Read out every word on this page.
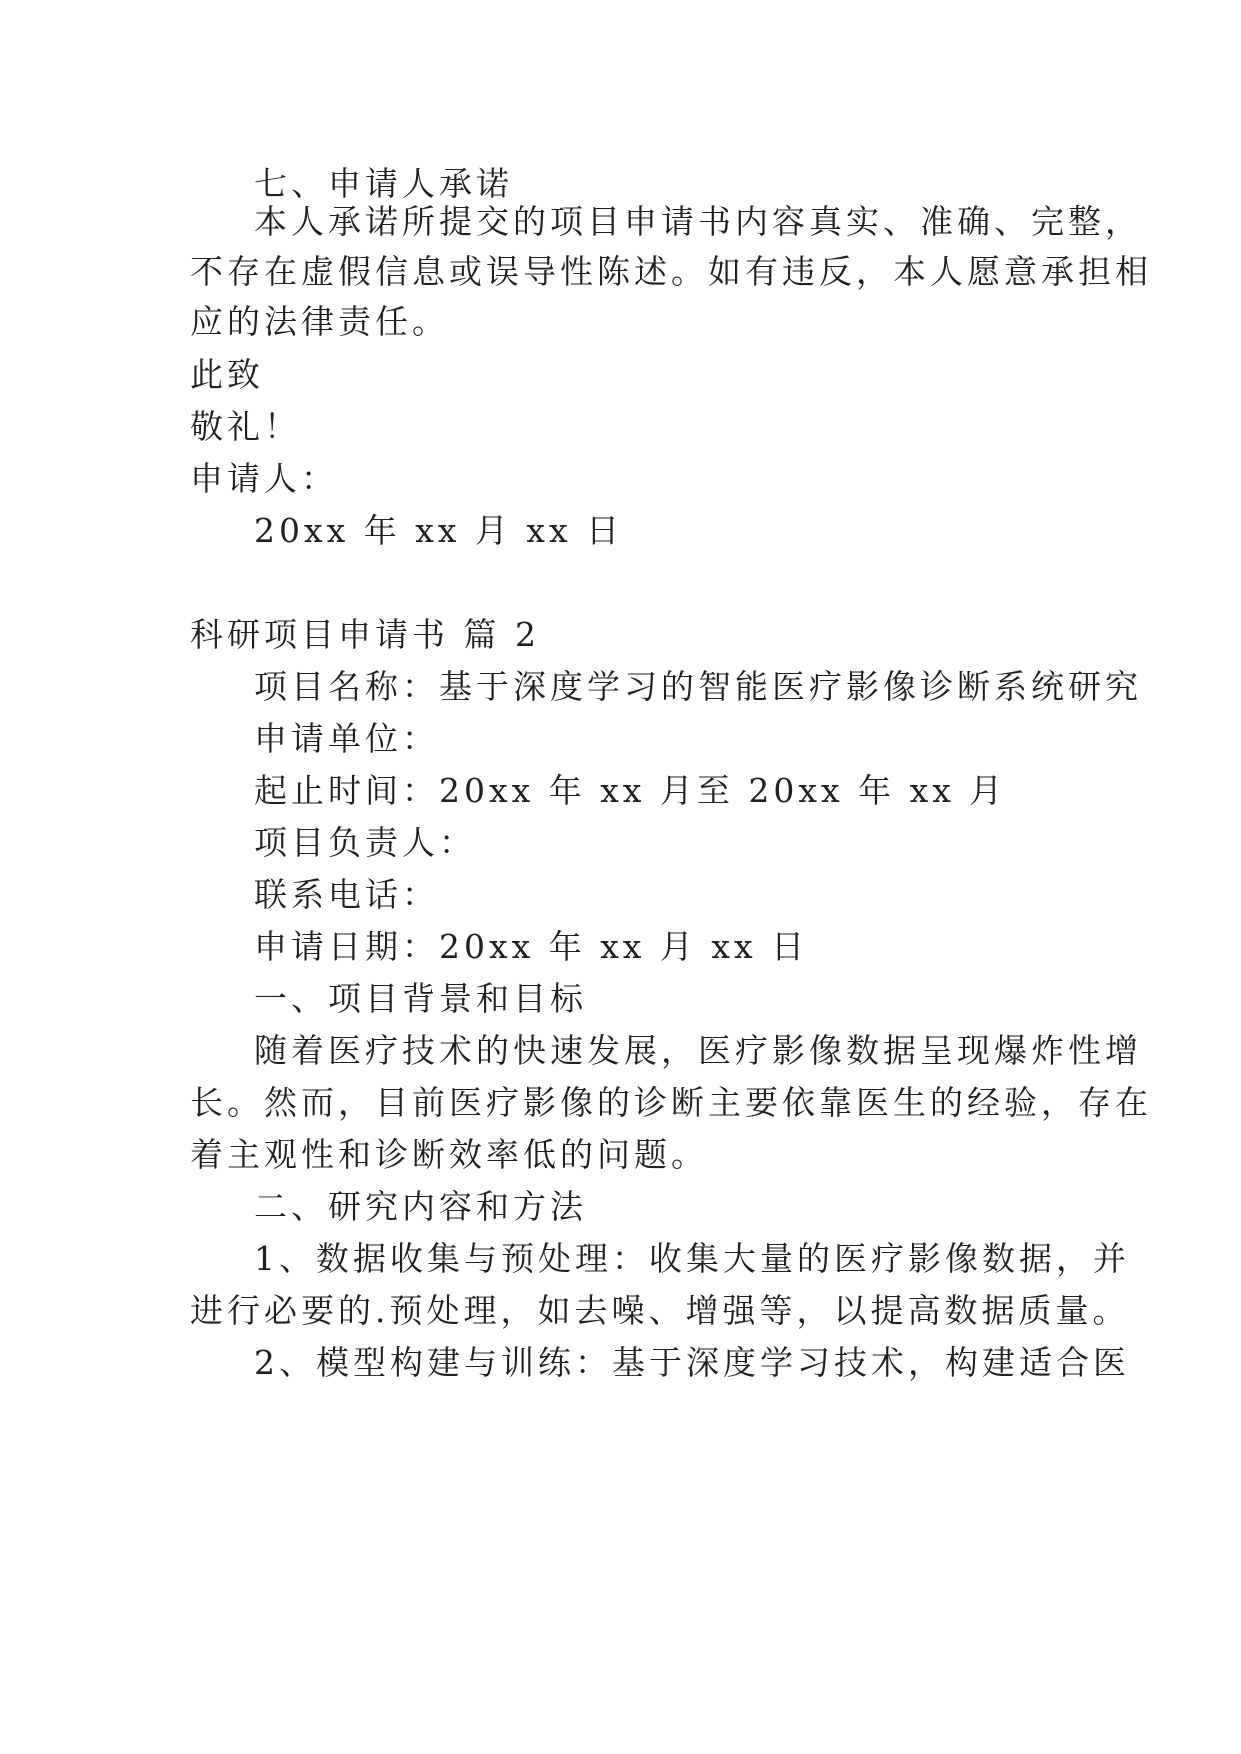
七、申请人承诺

本人承诺所提交的项目申请书内容真实、准确、完整，

不存在虚假信息或误导性陈述。如有违反，本人愿意承担相

应的法律责任。

此致

敬礼！

申请人：

20xx 年 xx 月 xx 日

科研项目申请书 篇 2

项目名称：基于深度学习的智能医疗影像诊断系统研究

申请单位：

起止时间：20xx 年 xx 月至 20xx 年 xx 月

项目负责人：

联系电话：

申请日期：20xx 年 xx 月 xx 日

一、项目背景和目标

随着医疗技术的快速发展，医疗影像数据呈现爆炸性增

长。然而，目前医疗影像的诊断主要依靠医生的经验，存在

着主观性和诊断效率低的问题。

二、研究内容和方法

1、数据收集与预处理：收集大量的医疗影像数据，并

进行必要的.预处理，如去噪、增强等，以提高数据质量。

2、模型构建与训练：基于深度学习技术，构建适合医
